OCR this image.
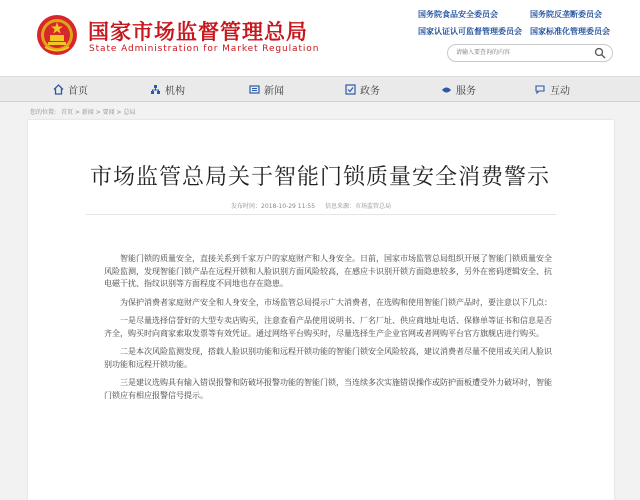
国家市场监督管理总局
State Administration for Market Regulation
国务院食品安全委员会	国务院反垄断委员会
国家认证认可监督管理委员会 国家标准化管理委员会
请输入要查询的内容
首页	机构	新闻	政务	服务	互动
您的位置: 首页 > 新闻 > 要闻 > 总局
市场监管总局关于智能门锁质量安全消费警示
发布时间：2018-10-29 11:55 信息来源：市场监管总局

智能门锁的质量安全，直接关系到千家万户的家庭财产和人身安全。日前，国家市场监管总局组织开展了智能门锁质量安全风险监测，发现智能门锁产品在远程开锁和人脸识别方面风险较高，在感应卡识别开锁方面隐患较多，另外在密码逻辑安全、抗电磁干扰、指纹识别等方面程度不同地也存在隐患。

为保护消费者家庭财产安全和人身安全，市场监管总局提示广大消费者，在选购和使用智能门锁产品时，要注意以下几点：

一是尽量选择信誉好的大型专卖店购买，注意查看产品使用说明书、厂名厂址、供应商地址电话、保修单等证书和信息是否齐全，购买时向商家索取发票等有效凭证。通过网络平台购买时，尽量选择生产企业官网或者网购平台官方旗舰店进行购买。

二是本次风险监测发现，搭载人脸识别功能和远程开锁功能的智能门锁安全风险较高，建议消费者尽量不使用或关闭人脸识别功能和远程开锁功能。

三是建议选购具有输入错误报警和防破坏报警功能的智能门锁，当连续多次实施错误操作或防护面板遭受外力破坏时，智能门锁应有相应报警信号提示。
